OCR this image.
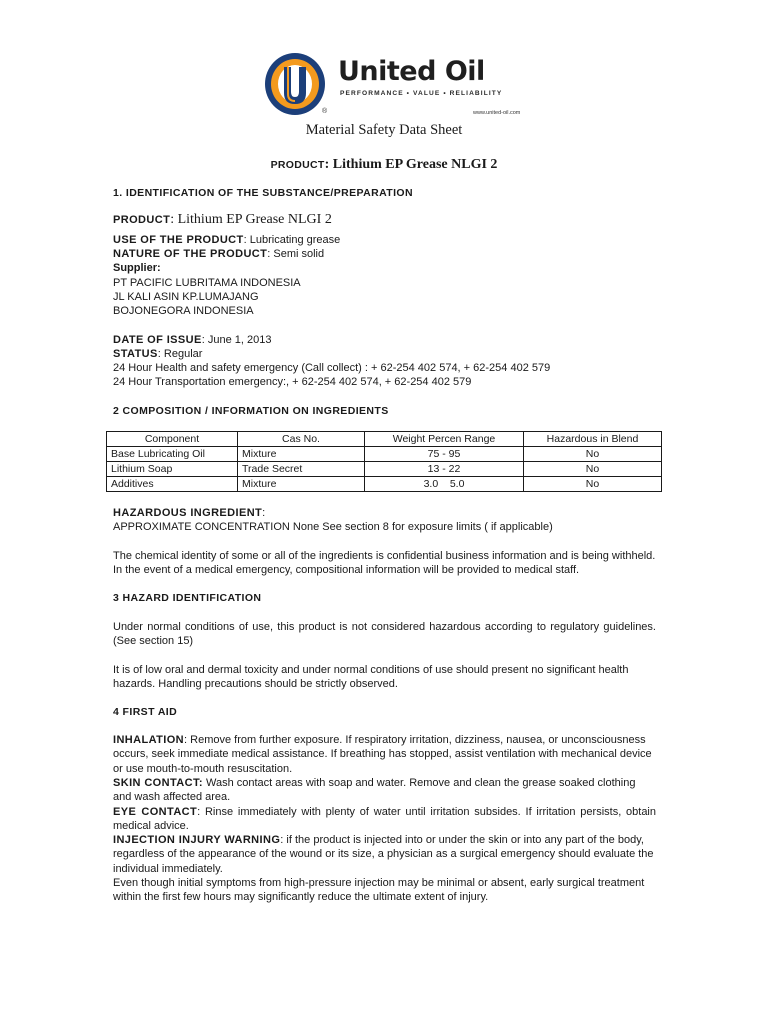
®
United Oil
PERFORMANCE • VALUE • RELIABILITY
www.united-oil.com
Material Safety Data Sheet
PRODUCT: Lithium EP Grease NLGI 2
1. IDENTIFICATION OF THE SUBSTANCE/PREPARATION
PRODUCT: Lithium EP Grease NLGI 2
USE OF THE PRODUCT: Lubricating grease
NATURE OF THE PRODUCT: Semi solid
Supplier:
PT PACIFIC LUBRITAMA INDONESIA
JL KALI ASIN KP.LUMAJANG
BOJONEGORA INDONESIA
DATE OF ISSUE: June 1, 2013
STATUS: Regular
24 Hour Health and safety emergency (Call collect) : + 62-254 402 574, + 62-254 402 579
24 Hour Transportation emergency:, + 62-254 402 574, + 62-254 402 579
2 COMPOSITION / INFORMATION ON INGREDIENTS
Component	Cas No.	Weight Percen Range	Hazardous in Blend
Base Lubricating Oil	Mixture	75 - 95	No
Lithium Soap	Trade Secret	13 - 22	No
Additives	Mixture	3.0    5.0	No
HAZARDOUS INGREDIENT:
APPROXIMATE CONCENTRATION None See section 8 for exposure limits ( if applicable)
The chemical identity of some or all of the ingredients is confidential business information and is being withheld. In the event of a medical emergency, compositional information will be provided to medical staff.
3 HAZARD IDENTIFICATION
Under normal conditions of use, this product is not considered hazardous according to regulatory guidelines. (See section 15)
It is of low oral and dermal toxicity and under normal conditions of use should present no significant health hazards. Handling precautions should be strictly observed.
4 FIRST AID
INHALATION: Remove from further exposure. If respiratory irritation, dizziness, nausea, or unconsciousness occurs, seek immediate medical assistance. If breathing has stopped, assist ventilation with mechanical device or use mouth-to-mouth resuscitation.
SKIN CONTACT: Wash contact areas with soap and water. Remove and clean the grease soaked clothing and wash affected area.
EYE CONTACT: Rinse immediately with plenty of water until irritation subsides. If irritation persists, obtain medical advice.
INJECTION INJURY WARNING: if the product is injected into or under the skin or into any part of the body, regardless of the appearance of the wound or its size, a physician as a surgical emergency should evaluate the individual immediately.
Even though initial symptoms from high-pressure injection may be minimal or absent, early surgical treatment within the first few hours may significantly reduce the ultimate extent of injury.
